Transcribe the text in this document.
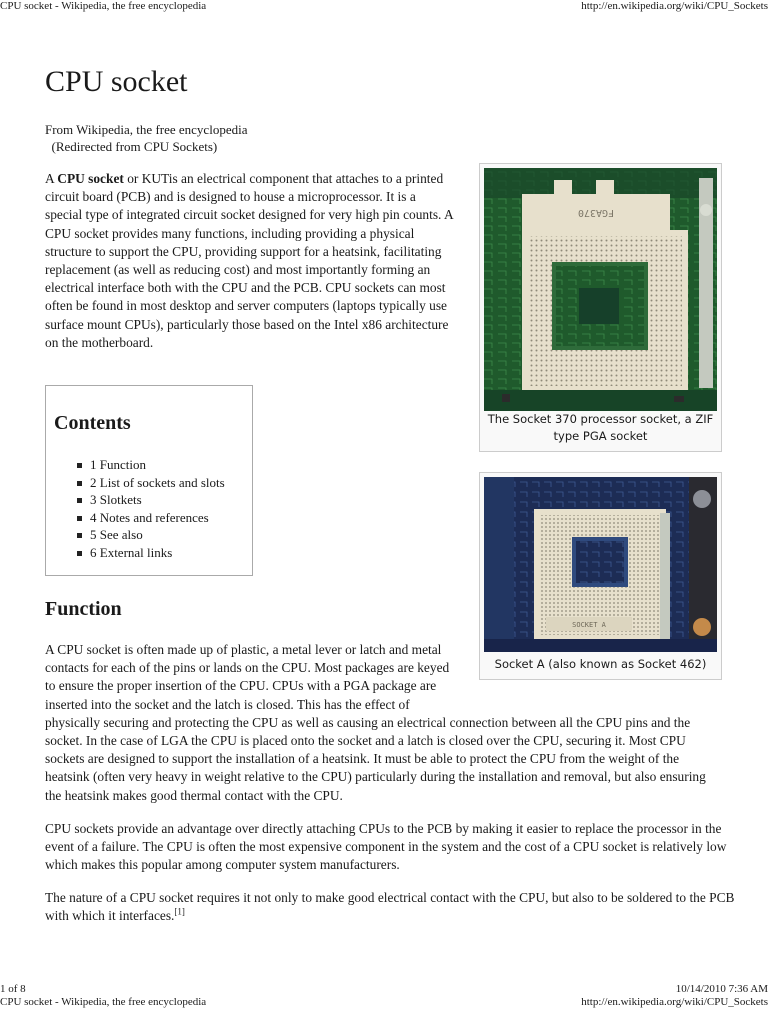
CPU socket - Wikipedia, the free encyclopedia	http://en.wikipedia.org/wiki/CPU_Sockets
CPU socket
From Wikipedia, the free encyclopedia
(Redirected from CPU Sockets)

A CPU socket or KUTis an electrical component that attaches to a printed circuit board (PCB) and is designed to house a microprocessor. It is a special type of integrated circuit socket designed for very high pin counts. A CPU socket provides many functions, including providing a physical structure to support the CPU, providing support for a heatsink, facilitating replacement (as well as reducing cost) and most importantly forming an electrical interface both with the CPU and the PCB. CPU sockets can most often be found in most desktop and server computers (laptops typically use surface mount CPUs), particularly those based on the Intel x86 architecture on the motherboard.

Contents
1 Function
2 List of sockets and slots
3 Slotkets
4 Notes and references
5 See also
6 External links
Function

A CPU socket is often made up of plastic, a metal lever or latch and metal contacts for each of the pins or lands on the CPU. Most packages are keyed to ensure the proper insertion of the CPU. CPUs with a PGA package are inserted into the socket and the latch is closed. This has the effect of physically securing and protecting the CPU as well as causing an electrical connection between all the CPU pins and the socket. In the case of LGA the CPU is placed onto the socket and a latch is closed over the CPU, securing it. Most CPU sockets are designed to support the installation of a heatsink. It must be able to protect the CPU from the weight of the heatsink (often very heavy in weight relative to the CPU) particularly during the installation and removal, but also ensuring the heatsink makes good thermal contact with the CPU.

CPU sockets provide an advantage over directly attaching CPUs to the PCB by making it easier to replace the processor in the event of a failure. The CPU is often the most expensive component in the system and the cost of a CPU socket is relatively low which makes this popular among computer system manufacturers.

The nature of a CPU socket requires it not only to make good electrical contact with the CPU, but also to be soldered to the PCB with which it interfaces.[1]

FGA370
The Socket 370 processor socket, a ZIF type PGA socket
SOCKET A
Socket A (also known as Socket 462)
1 of 8	10/14/2010 7:36 AM
CPU socket - Wikipedia, the free encyclopedia	http://en.wikipedia.org/wiki/CPU_Sockets
